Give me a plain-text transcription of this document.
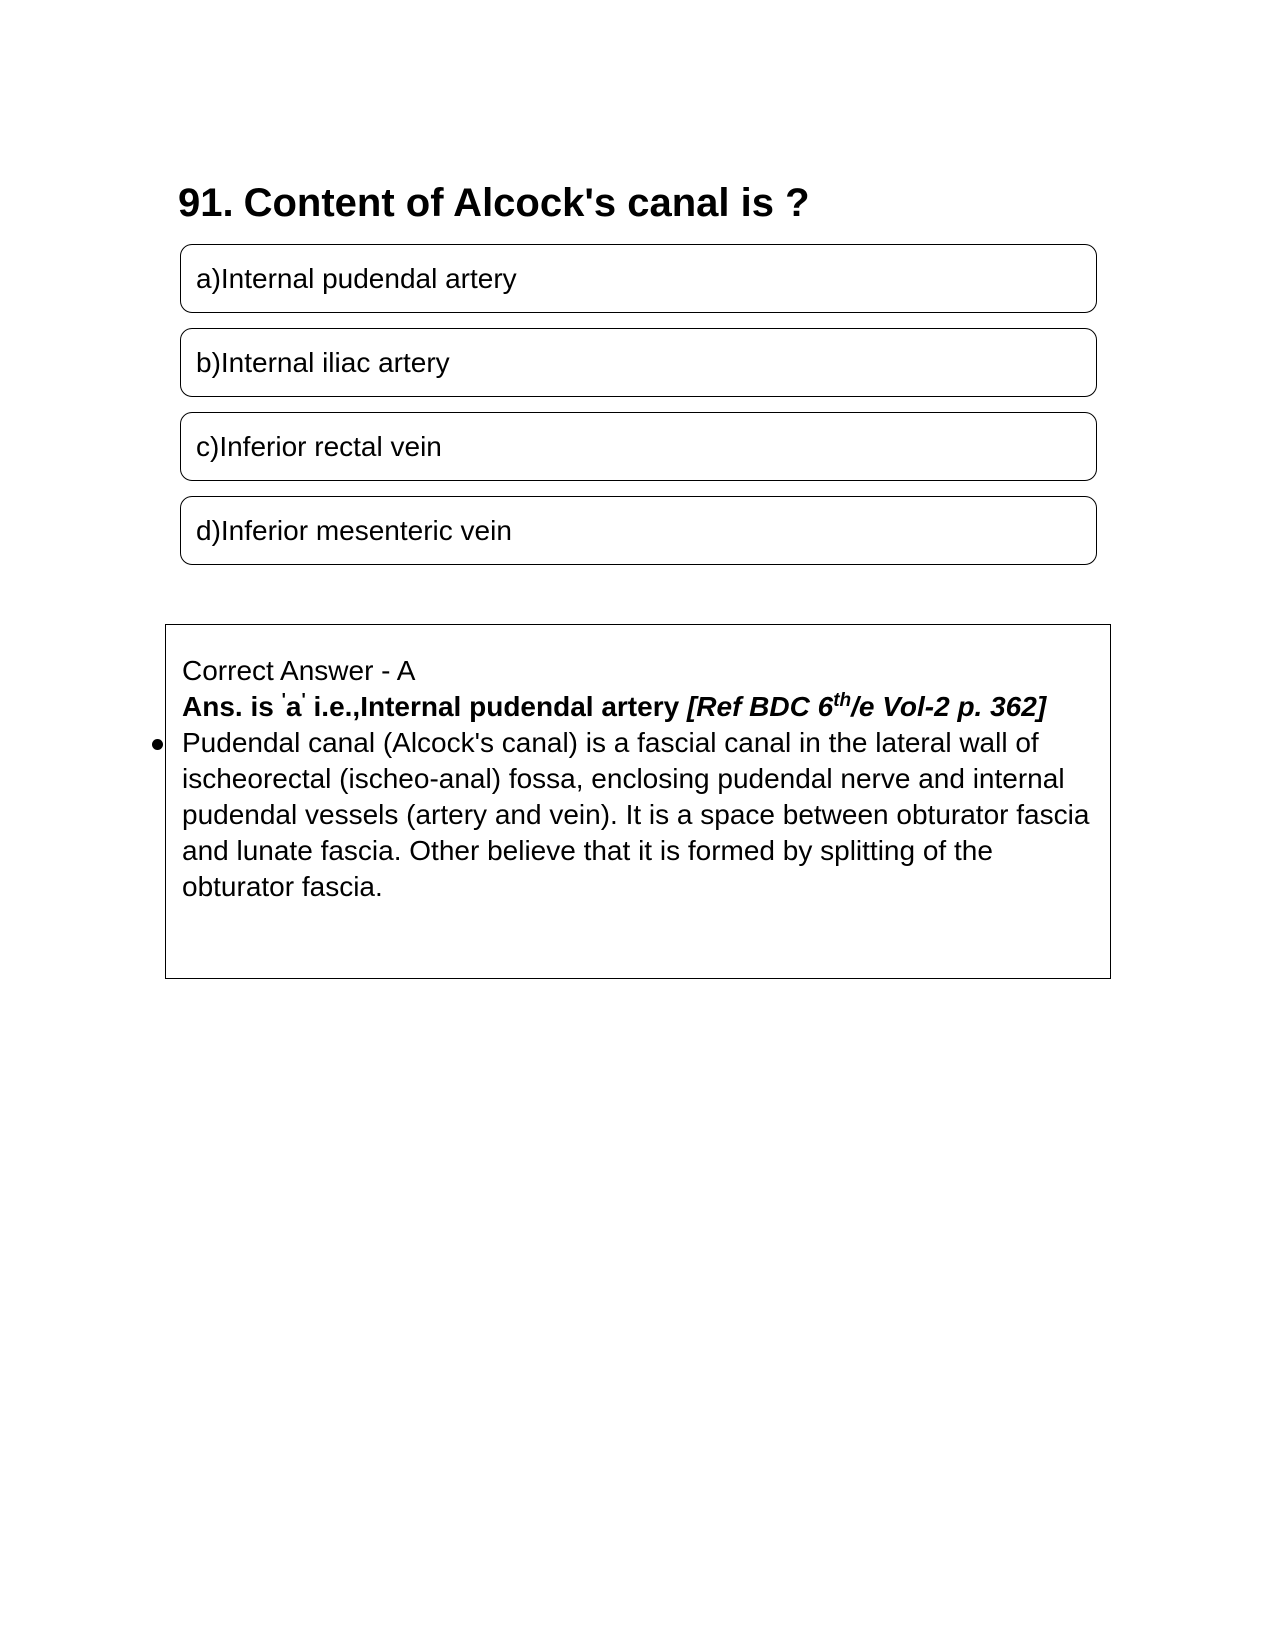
91. Content of Alcock's canal is ?
a) Internal pudendal artery
b) Internal iliac artery
c) Inferior rectal vein
d) Inferior mesenteric vein
Correct Answer - A
Ans. is 'a' i.e.,Internal pudendal artery [Ref BDC 6th/e Vol-2 p. 362]
Pudendal canal (Alcock's canal) is a fascial canal in the lateral wall of ischeorectal (ischeo-anal) fossa, enclosing pudendal nerve and internal pudendal vessels (artery and vein). It is a space between obturator fascia and lunate fascia. Other believe that it is formed by splitting of the obturator fascia.
